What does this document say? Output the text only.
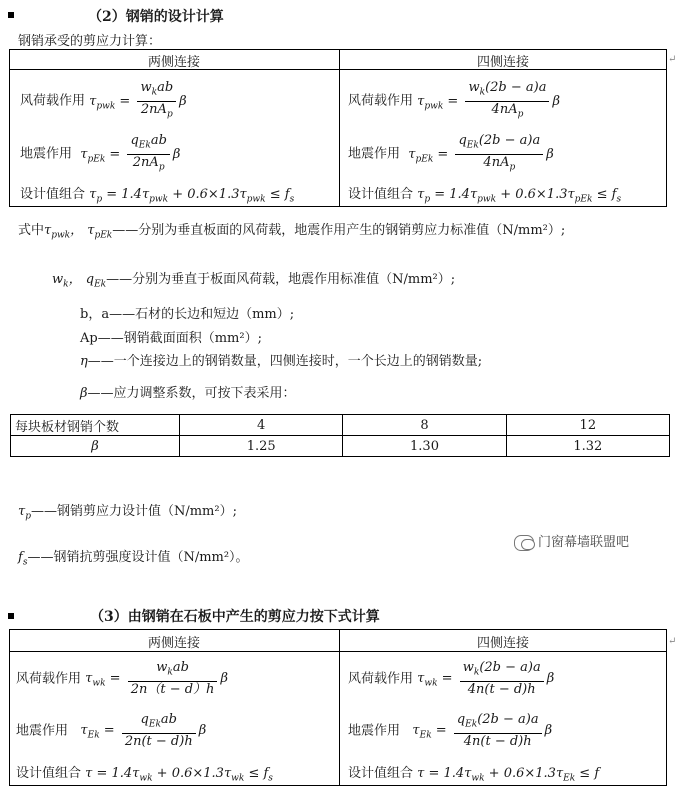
（2）钢销的设计计算
钢销承受的剪应力计算：
两侧连接	四侧连接	↵
风荷载作用 $\tau_{pwk} = \frac{w_kab}{2nA_p}$ β	风荷载作用 $\tau_{pwk} = \frac{w_k(2b - a)a}{4nA_p}$ β
地震作用  $\tau_{pEk} = \frac{q_{Ek}ab}{2nA_p}$ β	地震作用  $\tau_{pEk} = \frac{q_{Ek}(2b - a)a}{4nA_p}$ β
设计值组合 $\tau_p = 1.4\tau_{pwk} + 0.6\times 1.3\tau_{pwk} \le f_s$	设计值组合 $\tau_p = 1.4\tau_{pwk} + 0.6\times 1.3\tau_{pEk} \le f_s$
式中$\tau_{pwk}$， $\tau_{pEk}——$分别为垂直板面的风荷载，地震作用产生的钢销剪应力标准值（N/mm²）;
$w_k$， $q_{Ek}——$分别为垂直于板面风荷载，地震作用标准值（N/mm²）;
b，a——石材的长边和短边（mm）;
Ap——钢销截面面积（mm²）;
η——一个连接边上的钢销数量，四侧连接时，一个长边上的钢销数量;
β——应力调整系数，可按下表采用：
每块板材钢销个数	4	8	12
β	1.25	1.30	1.32
$\tau_p——$钢销剪应力设计值（N/mm²）;
$f_s——$钢销抗剪强度设计值（N/mm²）。
门窗幕墙联盟吧
（3）由钢销在石板中产生的剪应力按下式计算
两侧连接	四侧连接	↵
风荷载作用 $\tau_{wk} = \frac{w_kab}{2n(t - d)h}$ β	风荷载作用 $\tau_{wk} = \frac{w_k(2b - a)a}{4n(t - d)h}$ β
地震作用   $\tau_{Ek} = \frac{q_{Ek}ab}{2n(t - d)h}$ β	地震作用   $\tau_{Ek} = \frac{q_{Ek}(2b - a)a}{4n(t - d)h}$ β
设计值组合 $\tau = 1.4\tau_{wk} + 0.6\times 1.3\tau_{wk} \le f_s$	设计值组合 $\tau = 1.4\tau_{wk} + 0.6\times 1.3\tau_{Ek} \le f$
